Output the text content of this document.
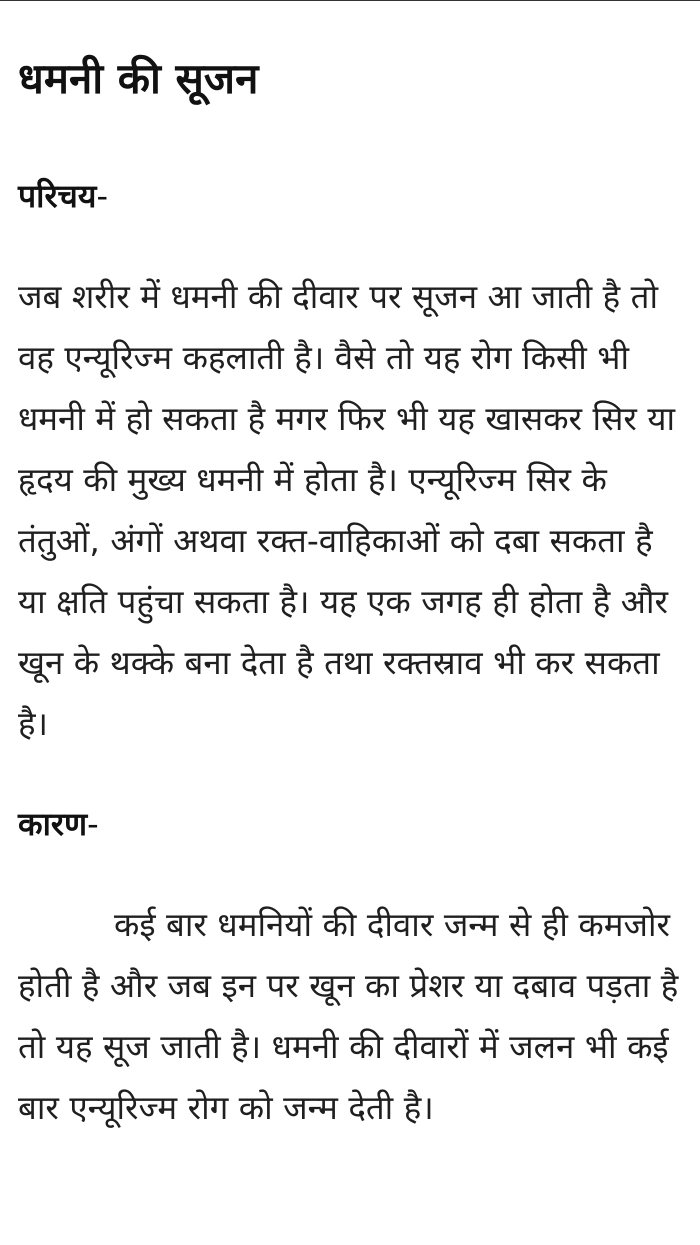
धमनी की सूजन
परिचय-

जब शरीर में धमनी की दीवार पर सूजन आ जाती है तो वह एन्यूरिज्म कहलाती है। वैसे तो यह रोग किसी भी धमनी में हो सकता है मगर फिर भी यह खासकर सिर या हृदय की मुख्य धमनी में होता है। एन्यूरिज्म सिर के तंतुओं, अंगों अथवा रक्त-वाहिकाओं को दबा सकता है या क्षति पहुंचा सकता है। यह एक जगह ही होता है और खून के थक्के बना देता है तथा रक्तस्राव भी कर सकता है।

कारण-

कई बार धमनियों की दीवार जन्म से ही कमजोर होती है और जब इन पर खून का प्रेशर या दबाव पड़ता है तो यह सूज जाती है। धमनी की दीवारों में जलन भी कई बार एन्यूरिज्म रोग को जन्म देती है।
